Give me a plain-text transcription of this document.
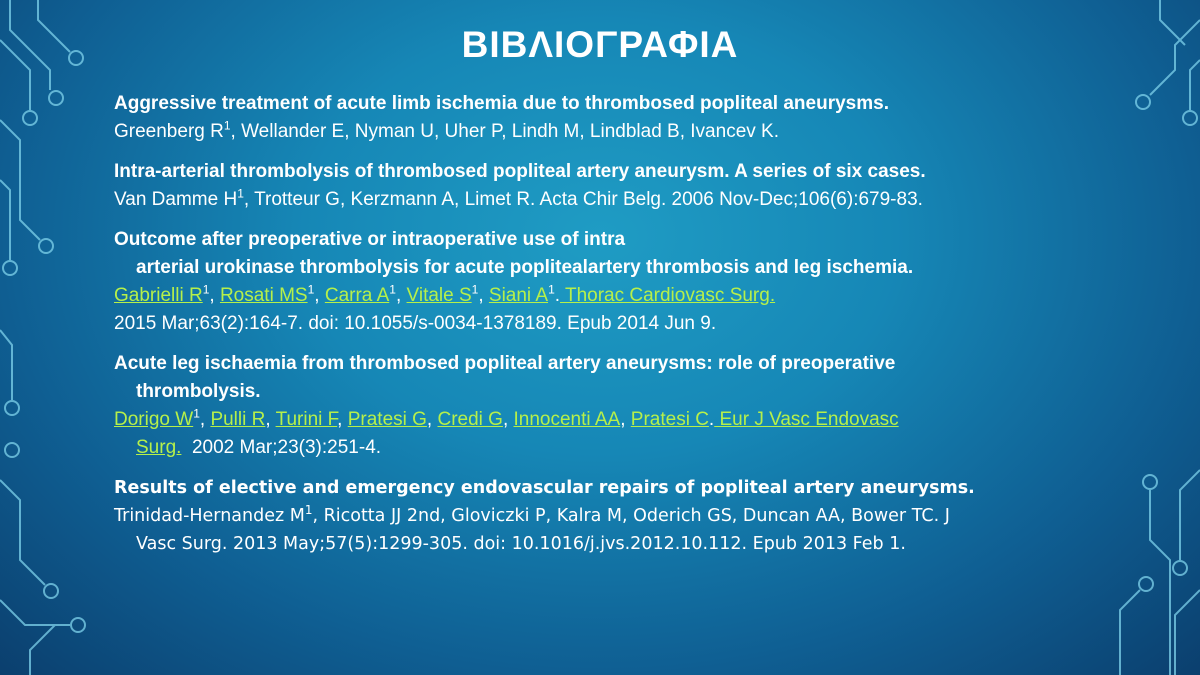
ΒΙΒΛΙΟΓΡΑΦΙΑ
Aggressive treatment of acute limb ischemia due to thrombosed popliteal aneurysms.
Greenberg $R^1$, Wellander E, Nyman U, Uher P, Lindh M, Lindblad B, Ivancev K.
Intra-arterial thrombolysis of thrombosed popliteal artery aneurysm. A series of six cases.
Van Damme $H^1$, Trotteur G, Kerzmann A, Limet R. Acta Chir Belg. 2006 Nov-Dec;106(6):679-83.
Outcome after preoperative or intraoperative use of intra
arterial urokinase thrombolysis for acute poplitealartery thrombosis and leg ischemia.
Gabrielli $R^1$, Rosati $MS^1$, Carra $A^1$, Vitale $S^1$, Siani $A^1$. Thorac Cardiovasc Surg.
2015 Mar;63(2):164-7. doi: 10.1055/s-0034-1378189. Epub 2014 Jun 9.
Acute leg ischaemia from thrombosed popliteal artery aneurysms: role of preoperative
thrombolysis.
Dorigo $W^1$, Pulli R, Turini F, Pratesi G, Credi G, Innocenti AA, Pratesi C. Eur J Vasc Endovasc
Surg. 2002 Mar;23(3):251-4.
Results of elective and emergency endovascular repairs of popliteal artery aneurysms.
Trinidad-Hernandez $M^1$, Ricotta JJ 2nd, Gloviczki P, Kalra M, Oderich GS, Duncan AA, Bower TC. J
Vasc Surg. 2013 May;57(5):1299-305. doi: 10.1016/j.jvs.2012.10.112. Epub 2013 Feb 1.
